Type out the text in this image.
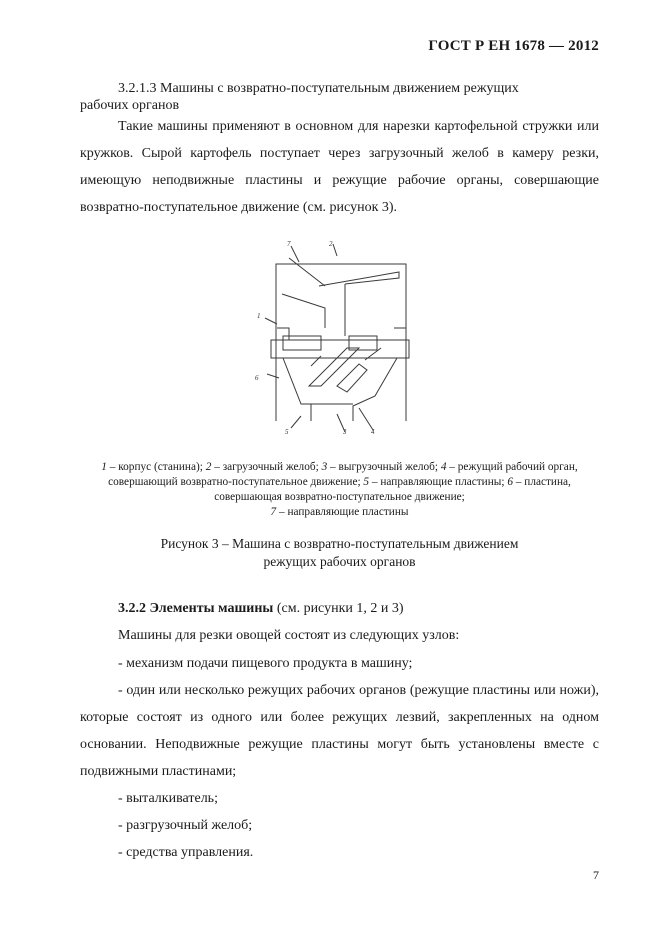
ГОСТ Р ЕН 1678 — 2012
3.2.1.3 Машины с возвратно-поступательным движением режущих
рабочих органов
Такие машины применяют в основном для нарезки картофельной стружки или кружков. Сырой картофель поступает через загрузочный желоб в камеру резки, имеющую неподвижные пластины и режущие рабочие органы, совершающие возвратно-поступательное движение (см. рисунок 3).
7	2
1
6
5	3	4
1 – корпус (станина); 2 – загрузочный желоб; 3 – выгрузочный желоб; 4 – режущий рабочий орган, совершающий возвратно-поступательное движение; 5 – направляющие пластины; 6 – пластина, совершающая возвратно-поступательное движение;
7 – направляющие пластины
Рисунок 3 – Машина с возвратно-поступательным движением
режущих рабочих органов
3.2.2 Элементы машины (см. рисунки 1, 2 и 3)
Машины для резки овощей состоят из следующих узлов:
- механизм подачи пищевого продукта в машину;
- один или несколько режущих рабочих органов (режущие пластины или ножи), которые состоят из одного или более режущих лезвий, закрепленных на одном основании. Неподвижные режущие пластины могут быть установлены вместе с подвижными пластинами;
- выталкиватель;
- разгрузочный желоб;
- средства управления.
7
